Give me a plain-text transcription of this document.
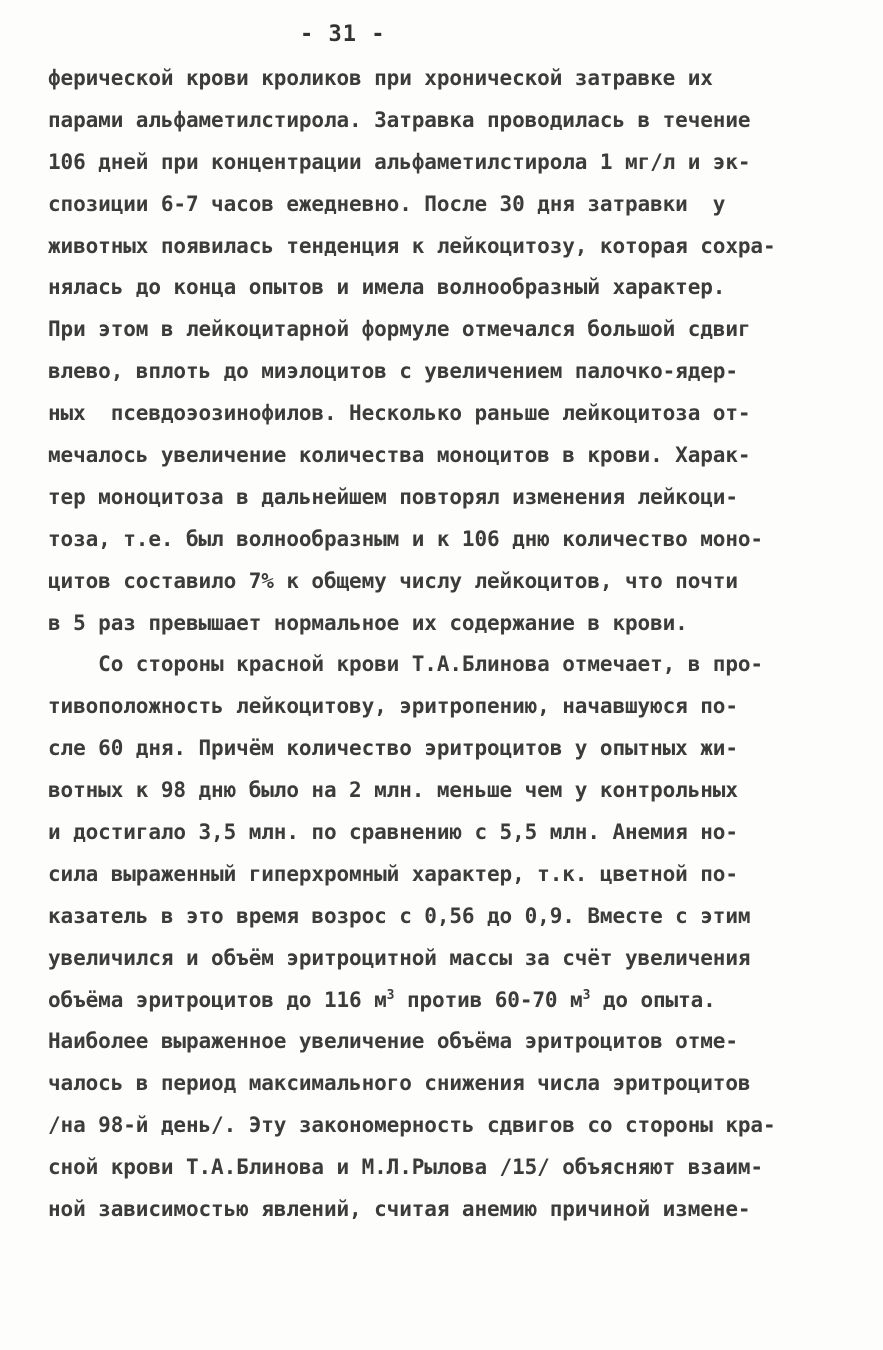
- 31 -
ферической крови кроликов при хронической затравке их
парами альфаметилстирола. Затравка проводилась в течение
106 дней при концентрации альфаметилстирола 1 мг/л и эк-
спозиции 6-7 часов ежедневно. После 30 дня затравки  у
животных появилась тенденция к лейкоцитозу, которая сохра-
нялась до конца опытов и имела волнообразный характер.
При этом в лейкоцитарной формуле отмечался большой сдвиг
влево, вплоть до миэлоцитов с увеличением палочко-ядер-
ных  псевдоэозинофилов. Несколько раньше лейкоцитоза от-
мечалось увеличение количества моноцитов в крови. Харак-
тер моноцитоза в дальнейшем повторял изменения лейкоци-
тоза, т.е. был волнообразным и к 106 дню количество моно-
цитов составило 7% к общему числу лейкоцитов, что почти
в 5 раз превышает нормальное их содержание в крови.
Со стороны красной крови Т.А.Блинова отмечает, в про-
тивоположность лейкоцитову, эритропению, начавшуюся по-
сле 60 дня. Причём количество эритроцитов у опытных жи-
вотных к 98 дню было на 2 млн. меньше чем у контрольных
и достигало 3,5 млн. по сравнению с 5,5 млн. Анемия но-
сила выраженный гиперхромный характер, т.к. цветной по-
казатель в это время возрос с 0,56 до 0,9. Вместе с этим
увеличился и объём эритроцитной массы за счёт увеличения
объёма эритроцитов до 116 $м^3$ против 60-70 $м^3$ до опыта.
Наиболее выраженное увеличение объёма эритроцитов отме-
чалось в период максимального снижения числа эритроцитов
/на 98-й день/. Эту закономерность сдвигов со стороны кра-
сной крови Т.А.Блинова и М.Л.Рылова /15/ объясняют взаим-
ной зависимостью явлений, считая анемию причиной измене-
